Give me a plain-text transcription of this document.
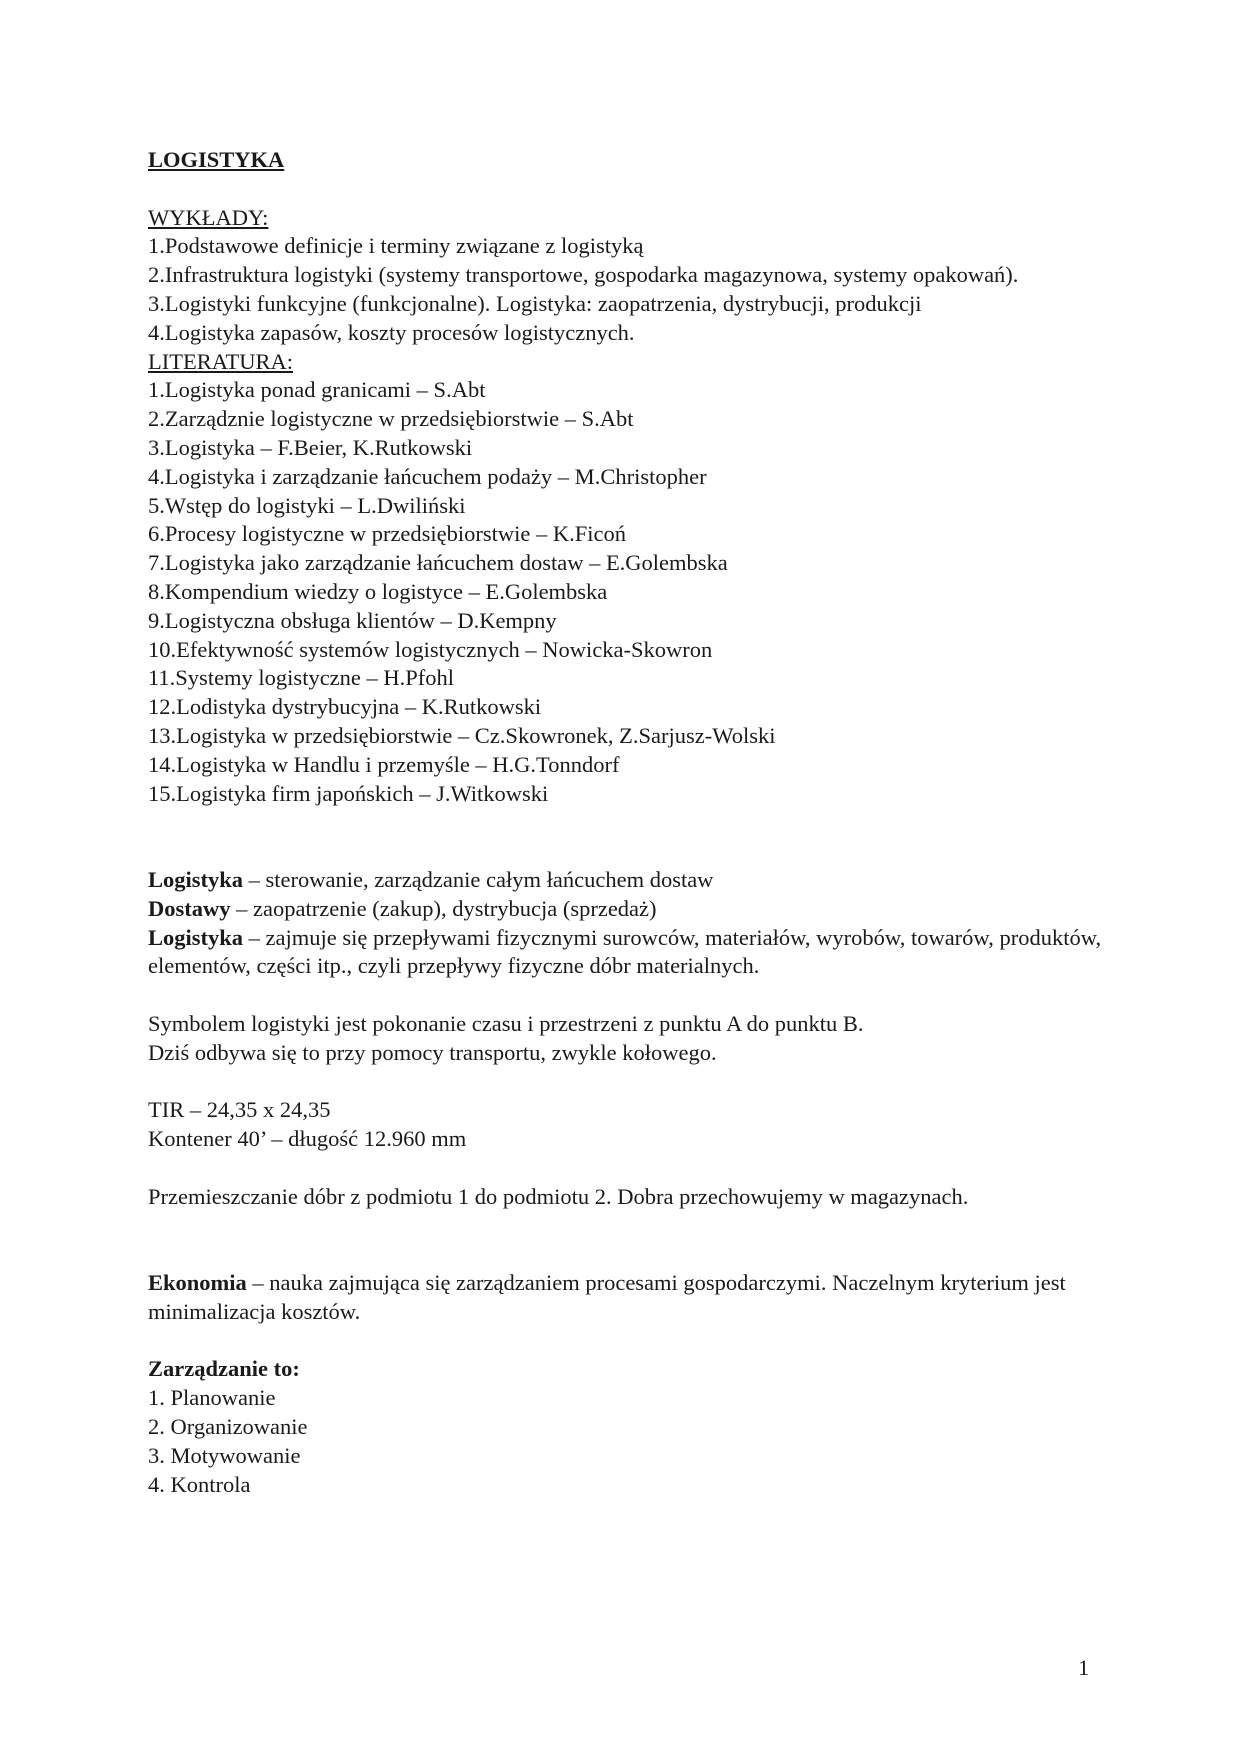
LOGISTYKA
WYKŁADY:
1.Podstawowe definicje i terminy związane z logistyką
2.Infrastruktura logistyki (systemy transportowe, gospodarka magazynowa, systemy opakowań).
3.Logistyki funkcyjne (funkcjonalne). Logistyka: zaopatrzenia, dystrybucji, produkcji
4.Logistyka zapasów, koszty procesów logistycznych.
LITERATURA:
1.Logistyka ponad granicami – S.Abt
2.Zarządznie logistyczne w przedsiębiorstwie – S.Abt
3.Logistyka – F.Beier, K.Rutkowski
4.Logistyka i zarządzanie łańcuchem podaży – M.Christopher
5.Wstęp do logistyki – L.Dwiliński
6.Procesy logistyczne w przedsiębiorstwie – K.Ficoń
7.Logistyka jako zarządzanie łańcuchem dostaw – E.Golembska
8.Kompendium wiedzy o logistyce – E.Golembska
9.Logistyczna obsługa klientów – D.Kempny
10.Efektywność systemów logistycznych – Nowicka-Skowron
11.Systemy logistyczne – H.Pfohl
12.Lodistyka dystrybucyjna – K.Rutkowski
13.Logistyka w przedsiębiorstwie – Cz.Skowronek, Z.Sarjusz-Wolski
14.Logistyka w Handlu i przemyśle – H.G.Tonndorf
15.Logistyka firm japońskich – J.Witkowski
Logistyka – sterowanie, zarządzanie całym łańcuchem dostaw
Dostawy – zaopatrzenie (zakup), dystrybucja (sprzedaż)
Logistyka – zajmuje się przepływami fizycznymi surowców, materiałów, wyrobów, towarów, produktów, elementów, części itp., czyli przepływy fizyczne dóbr materialnych.
Symbolem logistyki jest pokonanie czasu i przestrzeni z punktu A do punktu B.
Dziś odbywa się to przy pomocy transportu, zwykle kołowego.
TIR – 24,35 x 24,35
Kontener 40’ – długość 12.960 mm
Przemieszczanie dóbr z podmiotu 1 do podmiotu 2. Dobra przechowujemy w magazynach.
Ekonomia – nauka zajmująca się zarządzaniem procesami gospodarczymi. Naczelnym kryterium jest minimalizacja kosztów.
Zarządzanie to:
1. Planowanie
2. Organizowanie
3. Motywowanie
4. Kontrola
1
